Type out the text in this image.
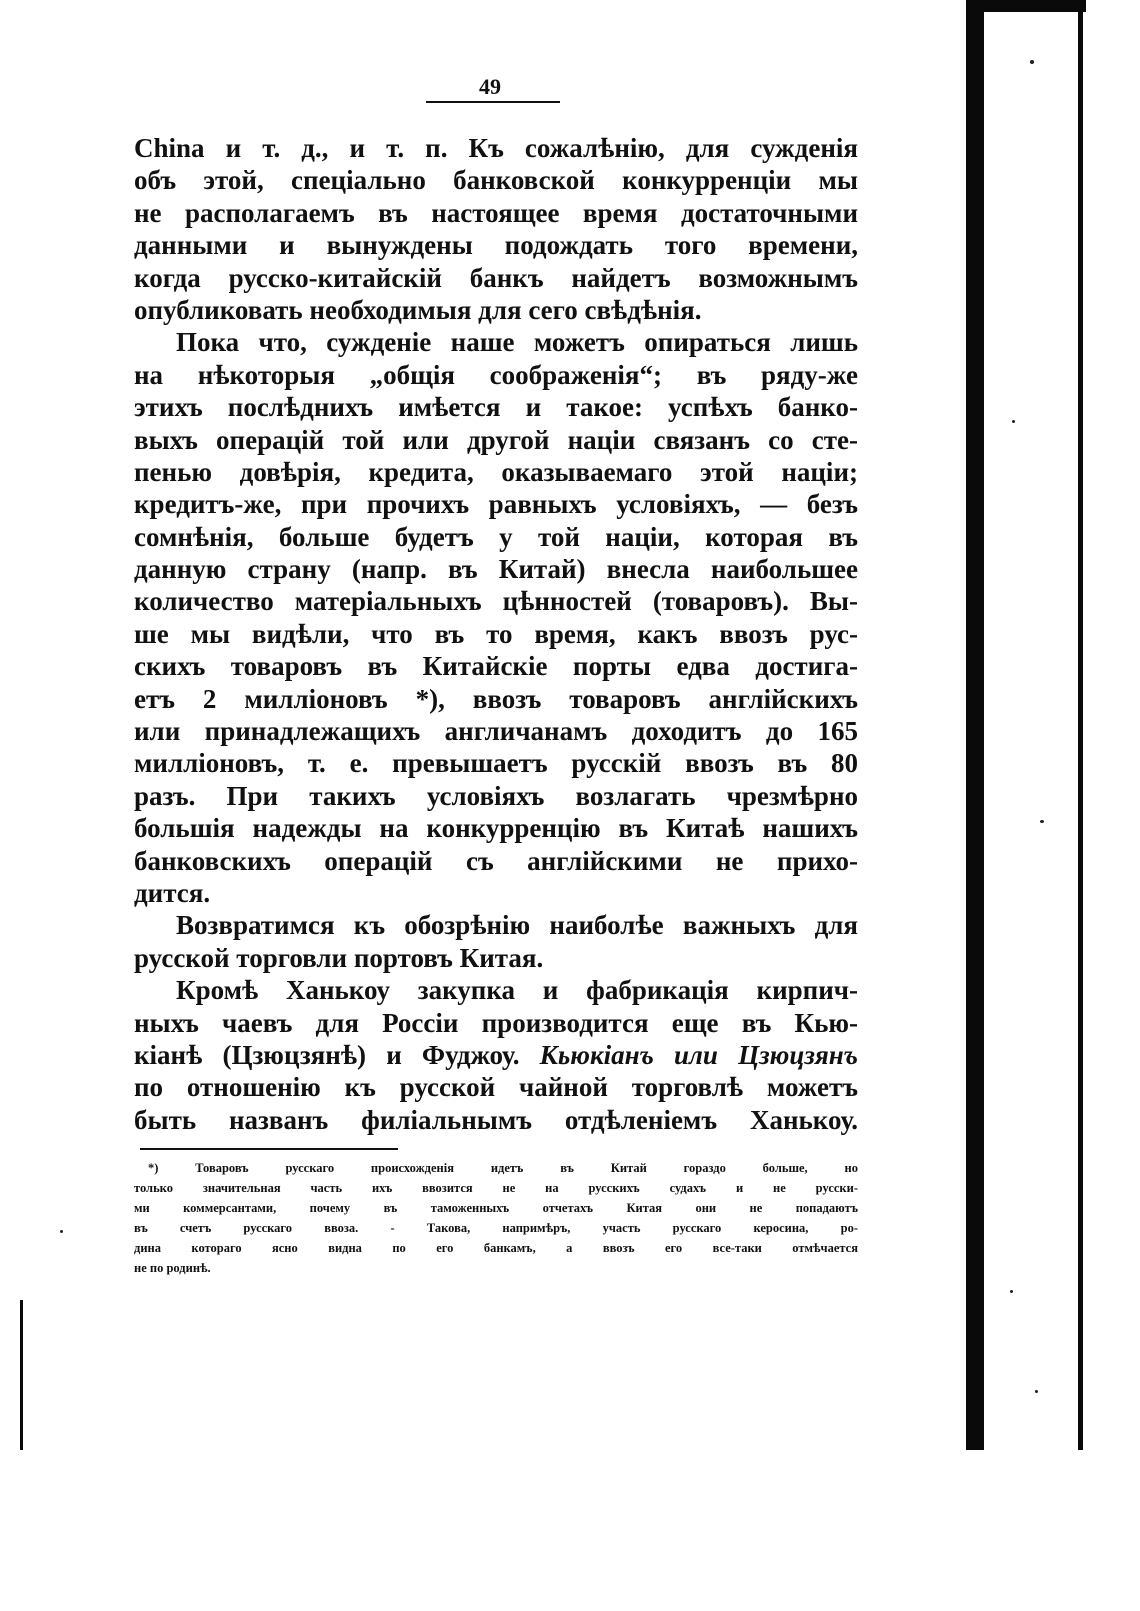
49
China и т. д., и т. п. Къ сожалѣнію, для сужденія
объ этой, спеціально банковской конкурренціи мы
не располагаемъ въ настоящее время достаточными
данными и вынуждены подождать того времени,
когда русско-китайскій банкъ найдетъ возможнымъ
опубликовать необходимыя для сего свѣдѣнія.
Пока что, сужденіе наше можетъ опираться лишь
на нѣкоторыя „общія соображенія“; въ ряду-же
этихъ послѣднихъ имѣется и такое: успѣхъ банко-
выхъ операцій той или другой націи связанъ со сте-
пенью довѣрія, кредита, оказываемаго этой націи;
кредитъ-же, при прочихъ равныхъ условіяхъ, — безъ
сомнѣнія, больше будетъ у той націи, которая въ
данную страну (напр. въ Китай) внесла наибольшее
количество матеріальныхъ цѣнностей (товаровъ). Вы-
ше мы видѣли, что въ то время, какъ ввозъ рус-
скихъ товаровъ въ Китайскіе порты едва достига-
етъ 2 милліоновъ *), ввозъ товаровъ англійскихъ
или принадлежащихъ англичанамъ доходитъ до 165
милліоновъ, т. е. превышаетъ русскій ввозъ въ 80
разъ. При такихъ условіяхъ возлагать чрезмѣрно
большія надежды на конкурренцію въ Китаѣ нашихъ
банковскихъ операцій съ англійскими не прихо-
дится.
Возвратимся къ обозрѣнію наиболѣе важныхъ для
русской торговли портовъ Китая.
Кромѣ Ханькоу закупка и фабрикація кирпич-
ныхъ чаевъ для Россіи производится еще въ Кью-
кіанѣ (Цзюцзянѣ) и Фуджоу. Кьюкіанъ или Цзюцзянъ
по отношенію къ русской чайной торговлѣ можетъ
быть названъ филіальнымъ отдѣленіемъ Ханькоу.
*) Товаровъ русскаго происхожденія идетъ въ Китай гораздо больше, но
только значительная часть ихъ ввозится не на русскихъ судахъ и не русски-
ми коммерсантами, почему въ таможенныхъ отчетахъ Китая они не попадаютъ
въ счетъ русскаго ввоза. - Такова, напримѣръ, участь русскаго керосина, ро-
дина котораго ясно видна по его банкамъ, а ввозъ его все-таки отмѣчается
не по родинѣ.
